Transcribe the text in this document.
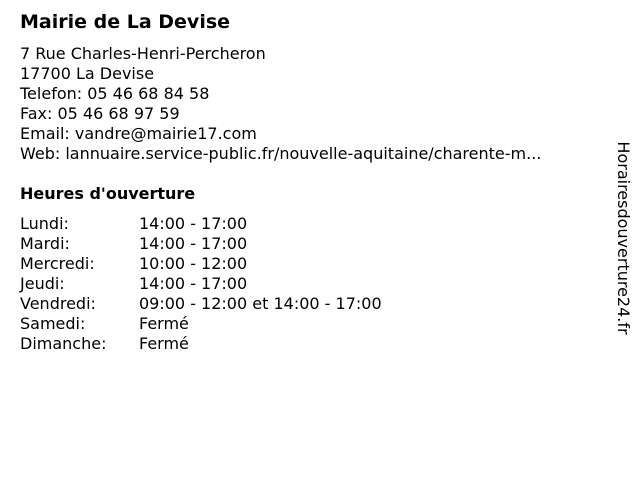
Mairie de La Devise
7 Rue Charles-Henri-Percheron
17700 La Devise
Telefon: 05 46 68 84 58
Fax: 05 46 68 97 59
Email: vandre@mairie17.com
Web: lannuaire.service-public.fr/nouvelle-aquitaine/charente-m...
Heures d'ouverture
Lundi:	14:00 - 17:00
Mardi:	14:00 - 17:00
Mercredi:	10:00 - 12:00
Jeudi:	14:00 - 17:00
Vendredi:	09:00 - 12:00 et 14:00 - 17:00
Samedi:	Fermé
Dimanche:	Fermé
Horairesdouverture24.fr
